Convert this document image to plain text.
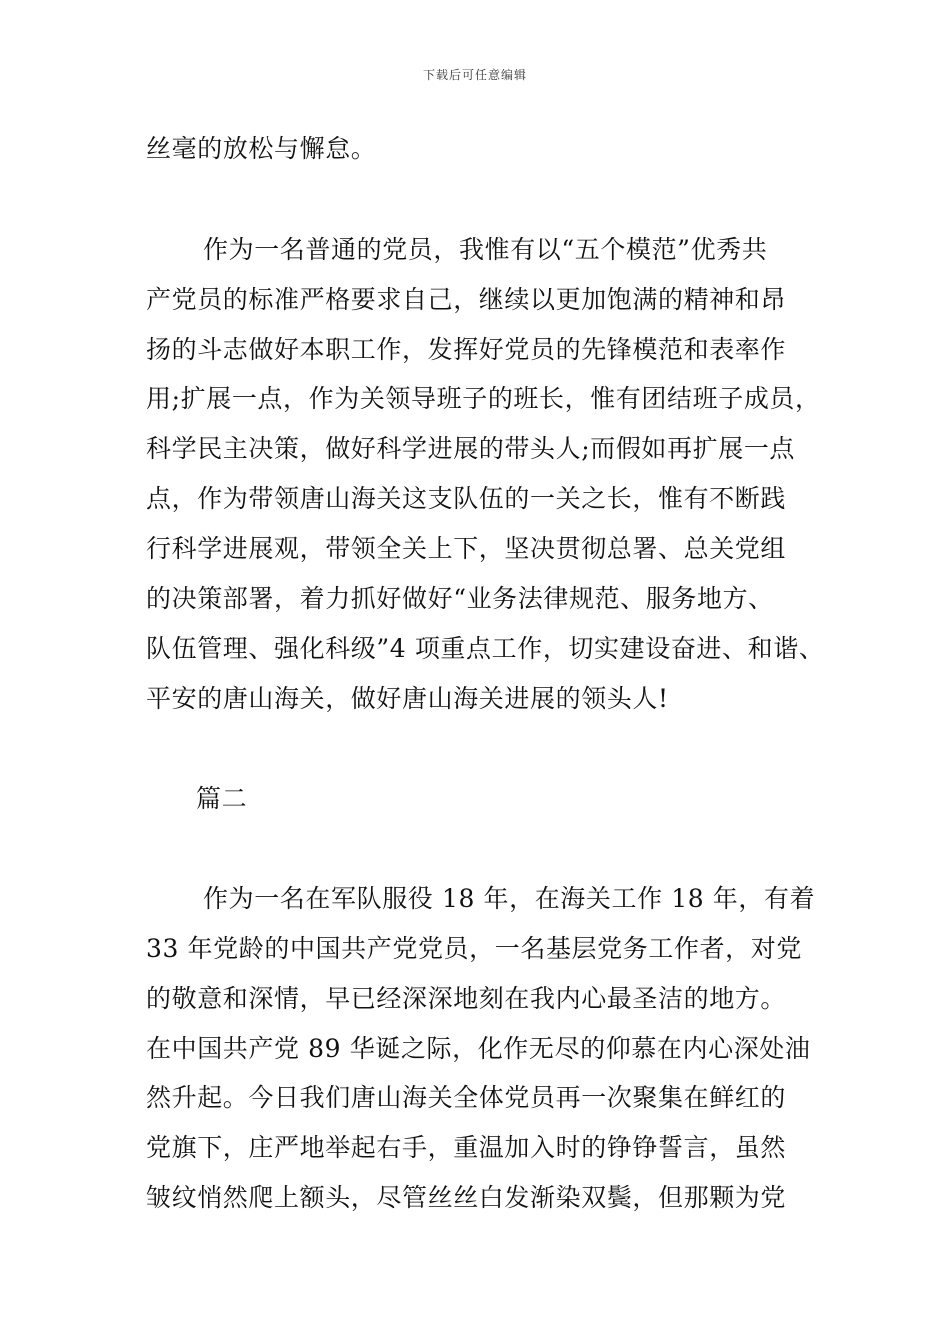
下载后可任意编辑
丝毫的放松与懈怠。
作为一名普通的党员，我惟有以“五个模范”优秀共
产党员的标准严格要求自己，继续以更加饱满的精神和昂
扬的斗志做好本职工作，发挥好党员的先锋模范和表率作
用;扩展一点，作为关领导班子的班长，惟有团结班子成员，
科学民主决策，做好科学进展的带头人;而假如再扩展一点
点，作为带领唐山海关这支队伍的一关之长，惟有不断践
行科学进展观，带领全关上下，坚决贯彻总署、总关党组
的决策部署，着力抓好做好“业务法律规范、服务地方、
队伍管理、强化科级”4 项重点工作，切实建设奋进、和谐、
平安的唐山海关，做好唐山海关进展的领头人!
篇二
作为一名在军队服役 18 年，在海关工作 18 年，有着
33 年党龄的中国共产党党员，一名基层党务工作者，对党
的敬意和深情，早已经深深地刻在我内心最圣洁的地方。
在中国共产党 89 华诞之际，化作无尽的仰慕在内心深处油
然升起。今日我们唐山海关全体党员再一次聚集在鲜红的
党旗下，庄严地举起右手，重温加入时的铮铮誓言，虽然
皱纹悄然爬上额头，尽管丝丝白发渐染双鬓，但那颗为党
